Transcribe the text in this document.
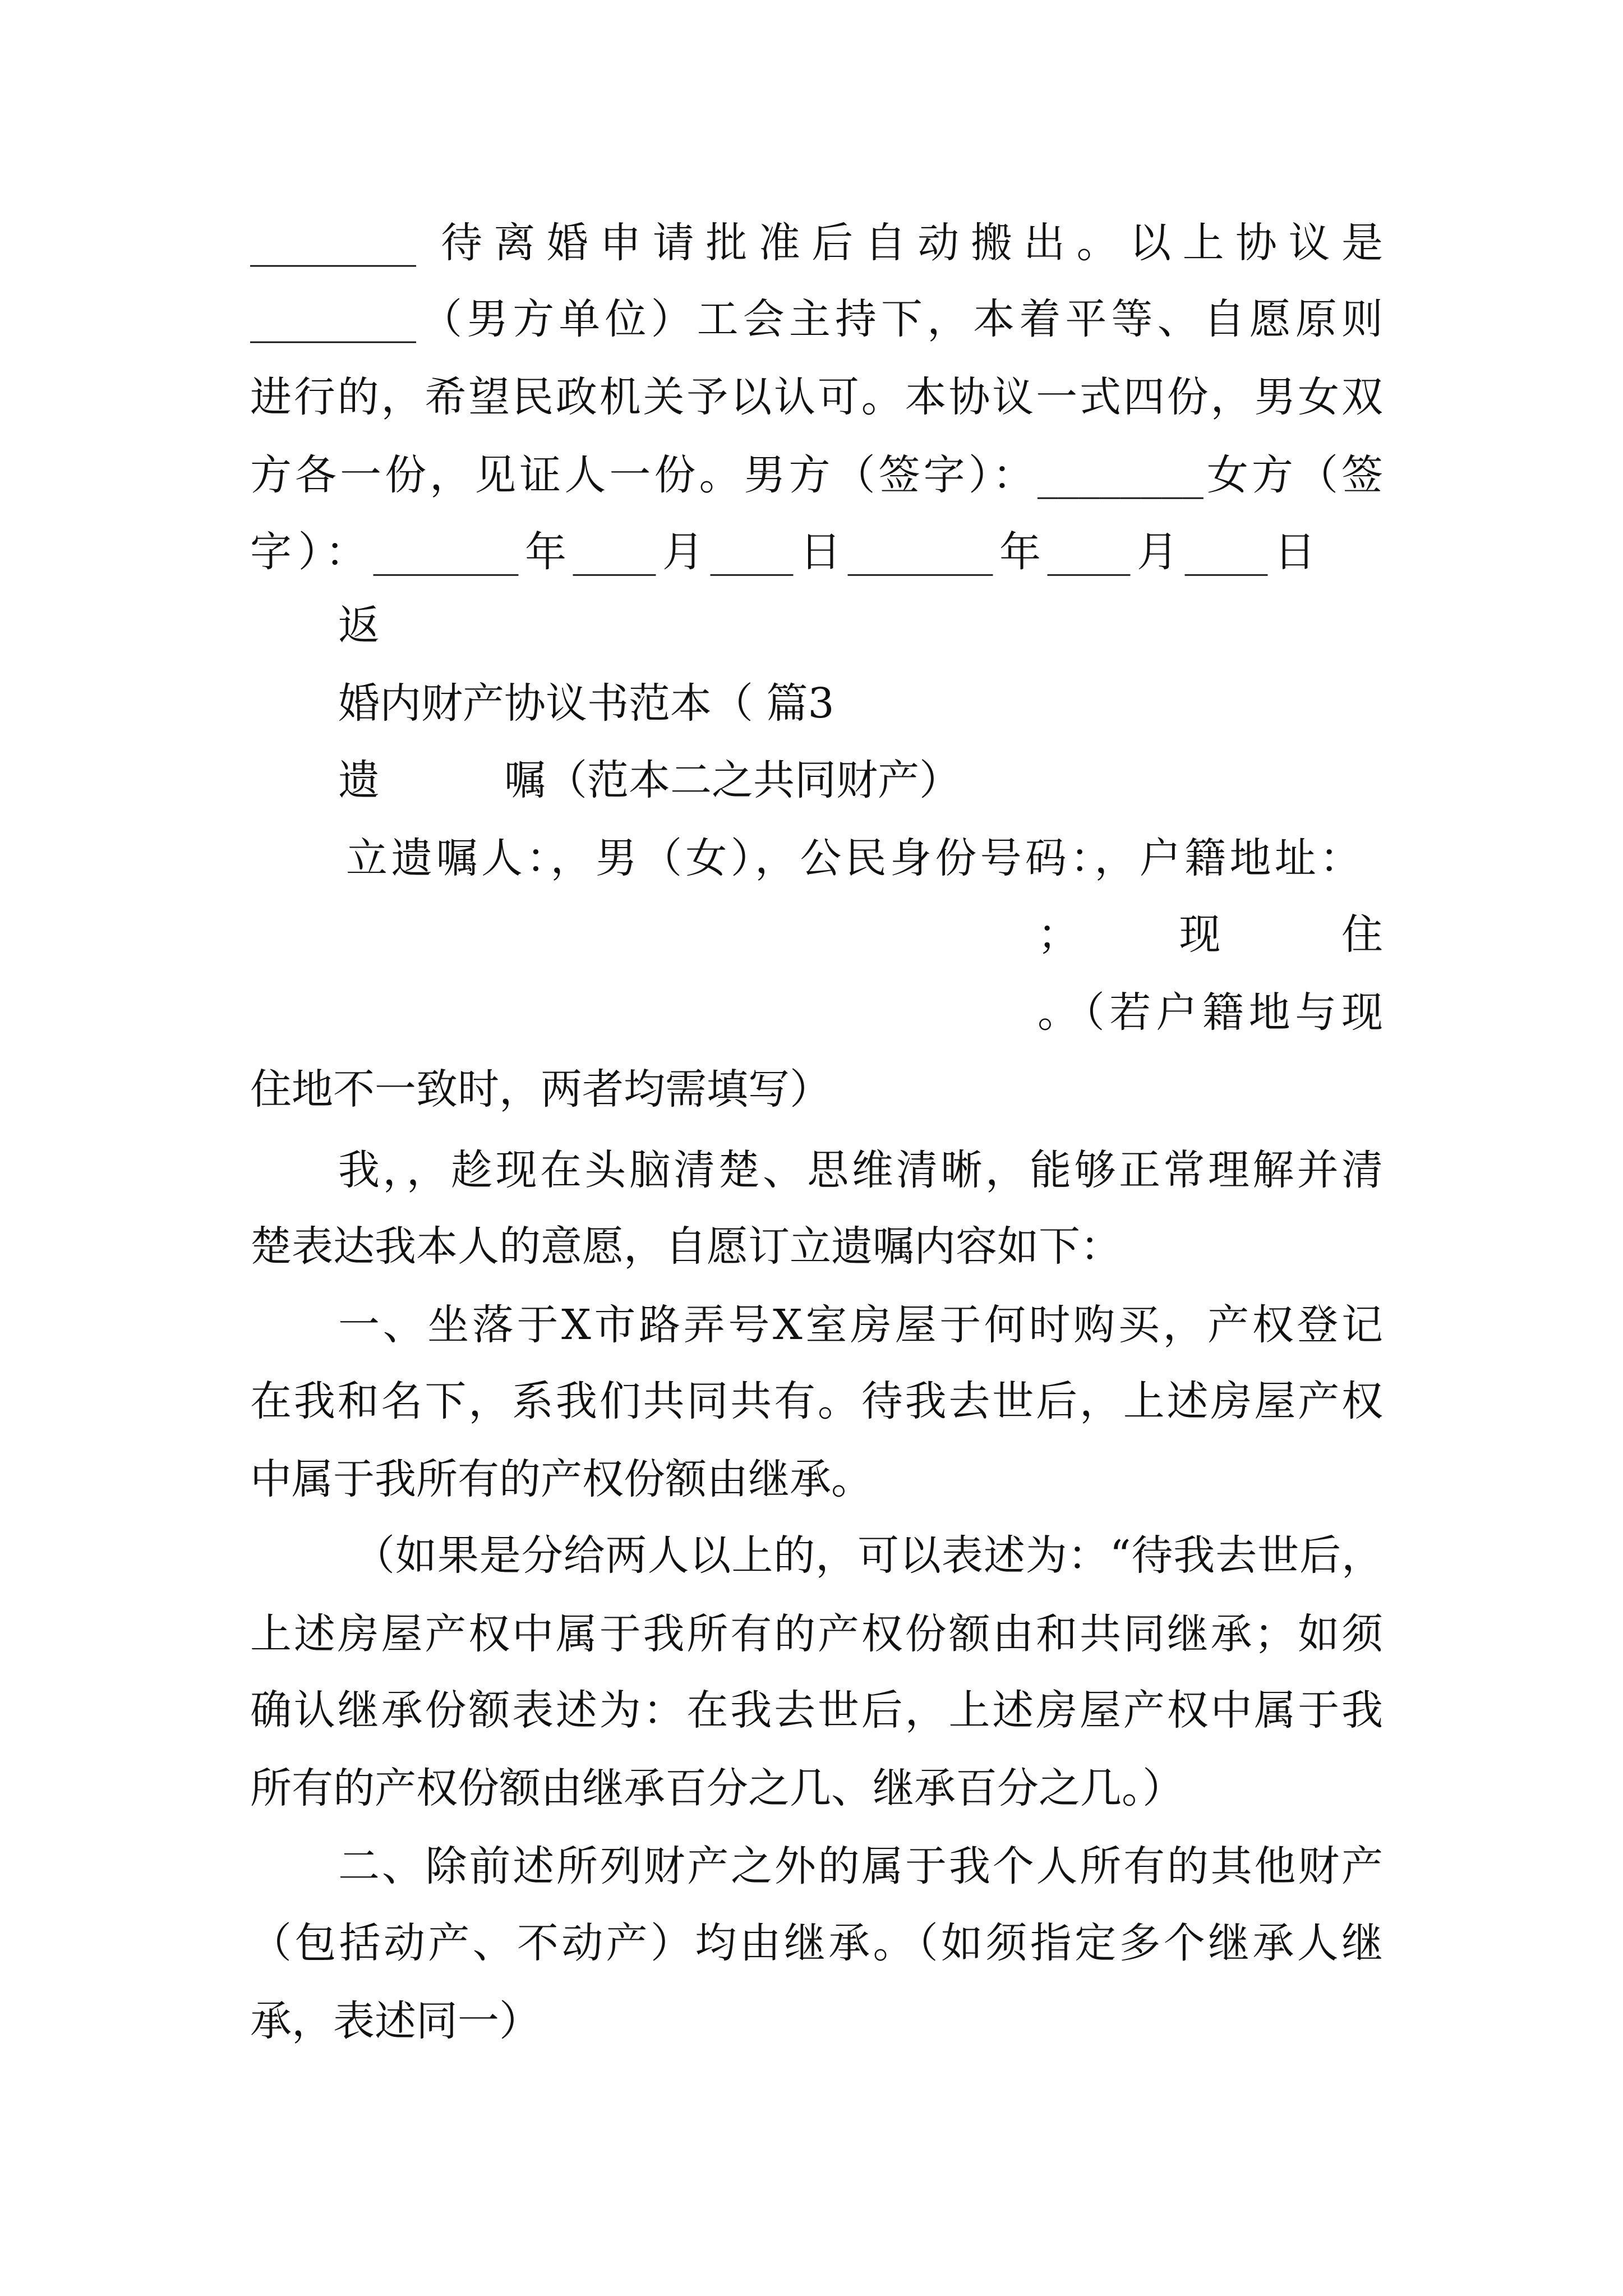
________ 待离婚申请批准后自动搬出。以上协议是
________（男方单位）工会主持下，本着平等、自愿原则
进行的，希望民政机关予以认可。本协议一式四份，男女双
方各一份，见证人一份。男方（签字）：________女方（签
字）：_______年____月____日_______年____月____日
返
婚内财产协议书范本（ 篇3
遗　　　嘱（范本二之共同财产）
立遗嘱人：，男（女），公民身份号码：，户籍地址：
；　现　住　　
。（若户籍地与现
住地不一致时，两者均需填写）
我，，趁现在头脑清楚、思维清晰，能够正常理解并清
楚表达我本人的意愿，自愿订立遗嘱内容如下：
一、坐落于X市路弄号X室房屋于何时购买，产权登记
在我和名下，系我们共同共有。待我去世后，上述房屋产权
中属于我所有的产权份额由继承。
（如果是分给两人以上的，可以表述为：“待我去世后，
上述房屋产权中属于我所有的产权份额由和共同继承；如须
确认继承份额表述为：在我去世后，上述房屋产权中属于我
所有的产权份额由继承百分之几、继承百分之几。）
二、除前述所列财产之外的属于我个人所有的其他财产
（包括动产、不动产）均由继承。（如须指定多个继承人继
承，表述同一）
